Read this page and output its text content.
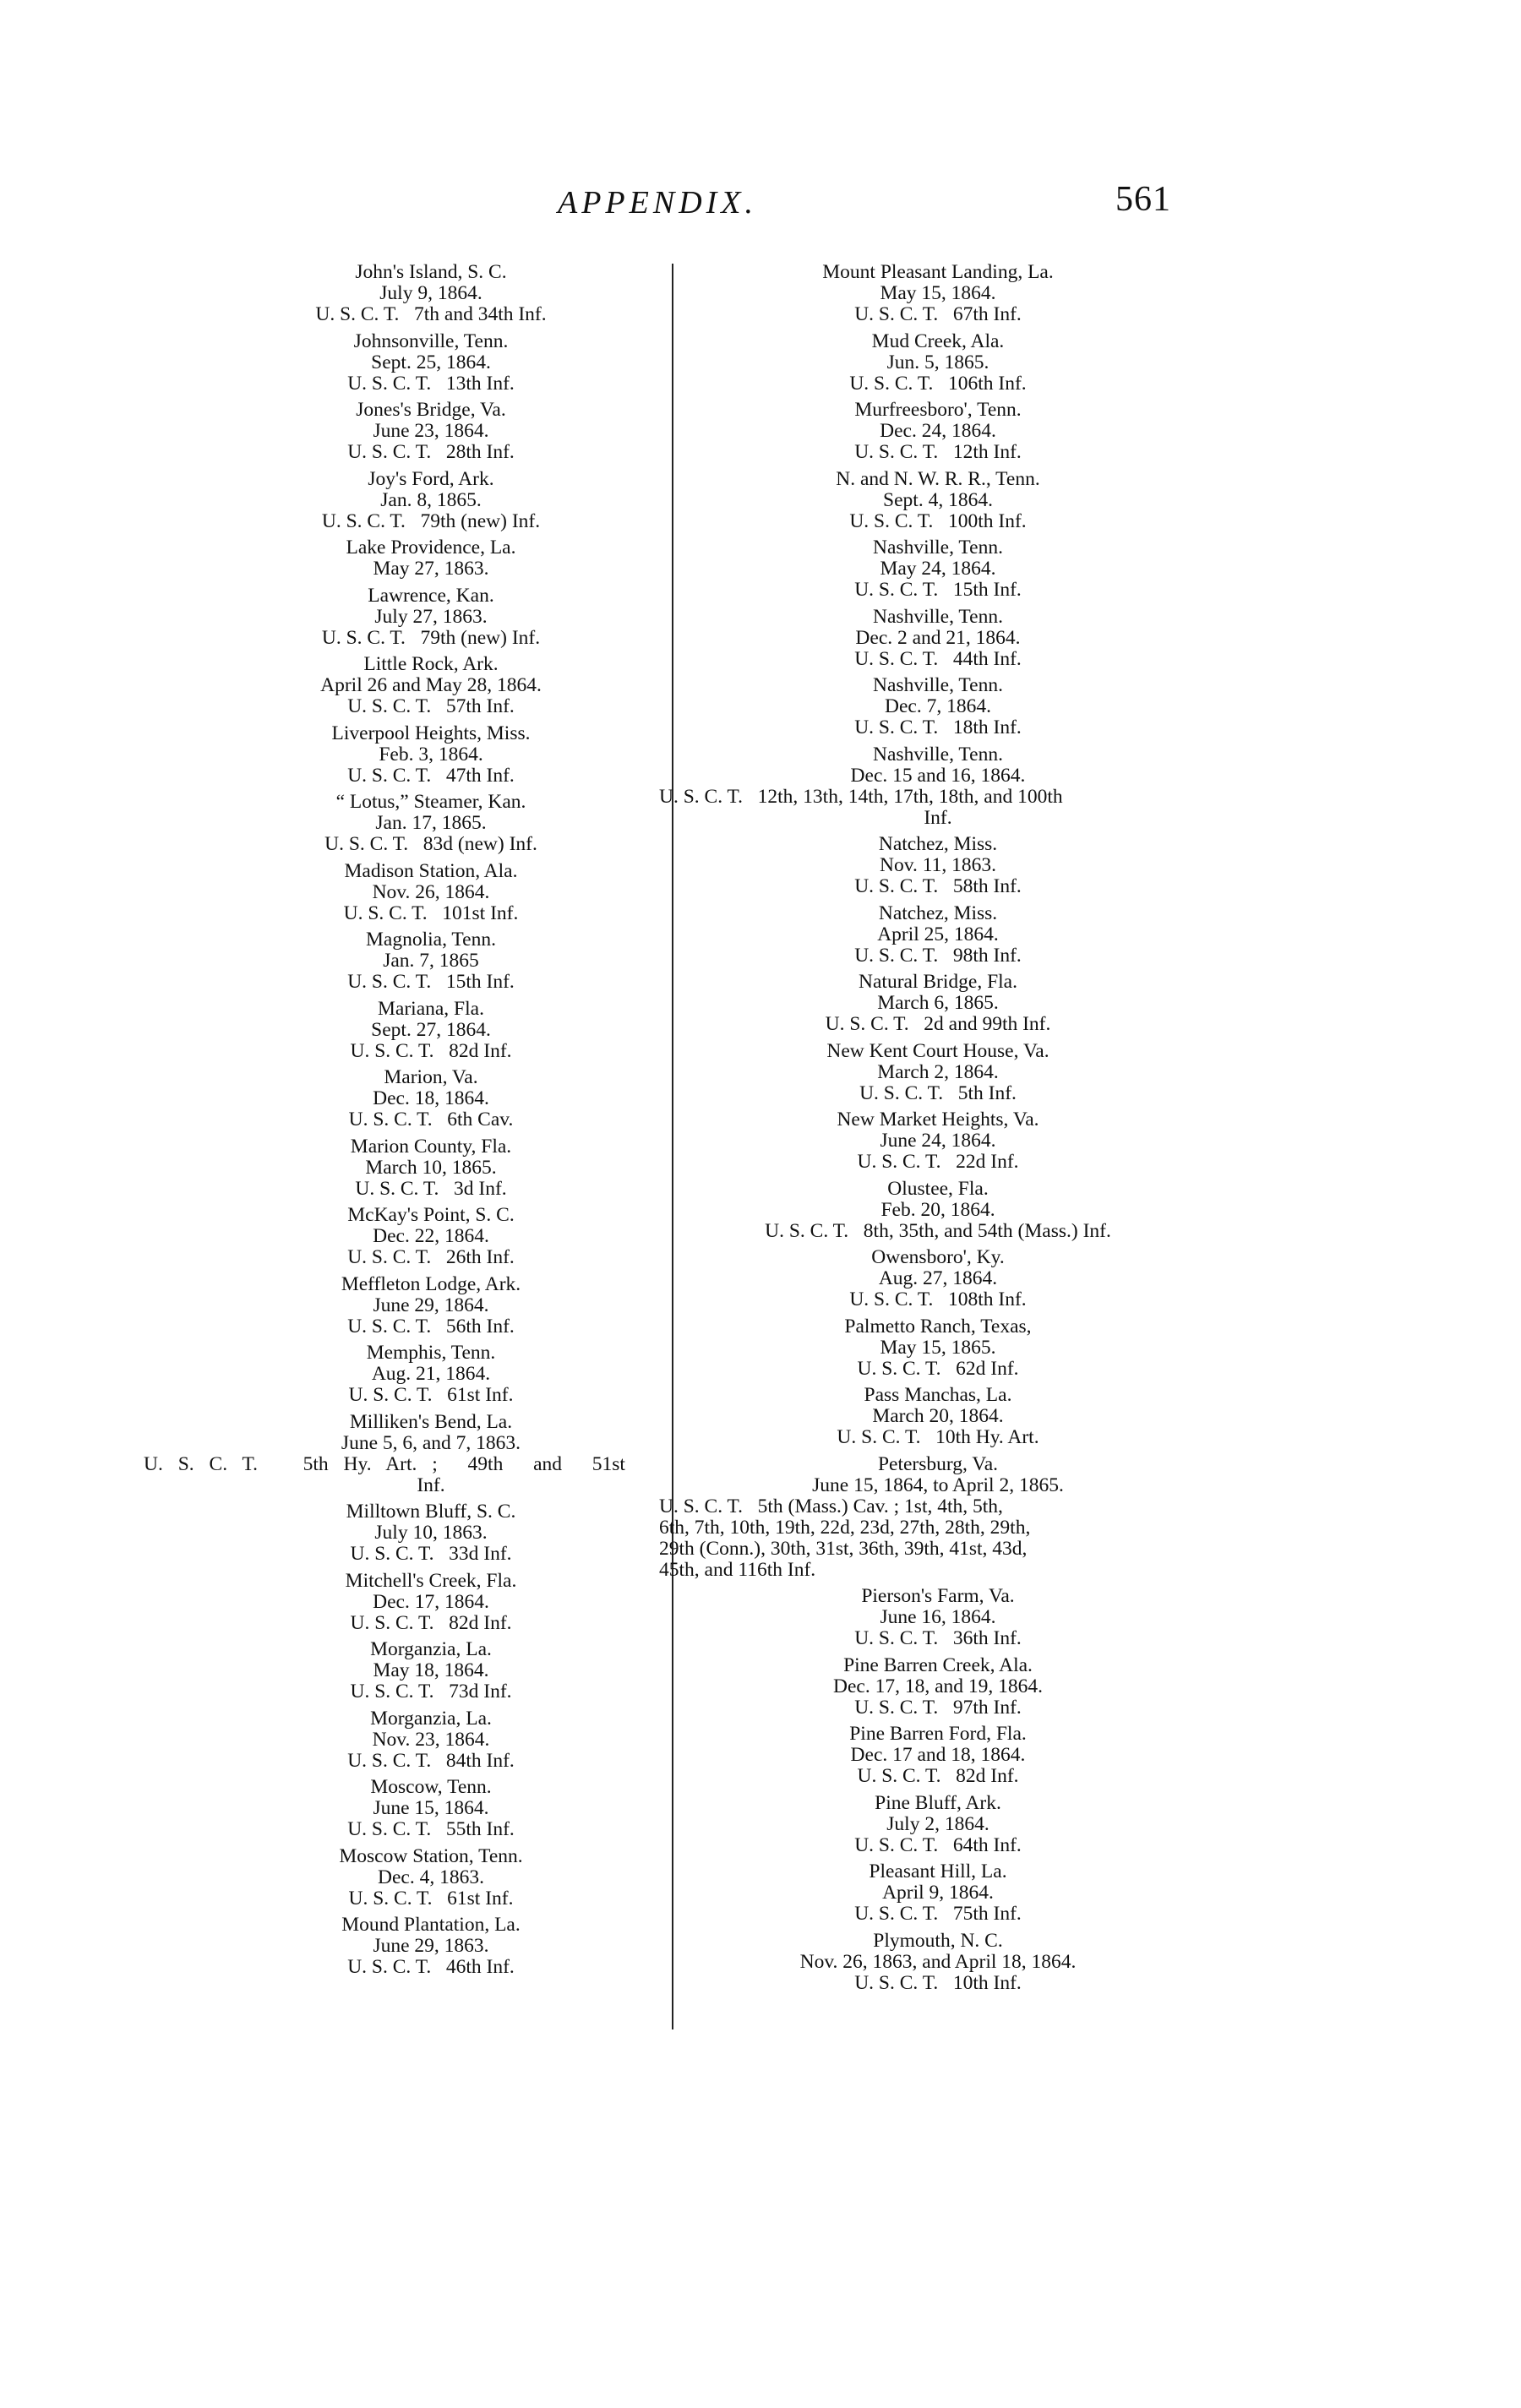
APPENDIX.	561
John's Island, S. C.
July 9, 1864.
U. S. C. T.   7th and 34th Inf.
Johnsonville, Tenn.
Sept. 25, 1864.
U. S. C. T.   13th Inf.
Jones's Bridge, Va.
June 23, 1864.
U. S. C. T.   28th Inf.
Joy's Ford, Ark.
Jan. 8, 1865.
U. S. C. T.   79th (new) Inf.
Lake Providence, La.
May 27, 1863.
Lawrence, Kan.
July 27, 1863.
U. S. C. T.   79th (new) Inf.
Little Rock, Ark.
April 26 and May 28, 1864.
U. S. C. T.   57th Inf.
Liverpool Heights, Miss.
Feb. 3, 1864.
U. S. C. T.   47th Inf.
“ Lotus,” Steamer, Kan.
Jan. 17, 1865.
U. S. C. T.   83d (new) Inf.
Madison Station, Ala.
Nov. 26, 1864.
U. S. C. T.   101st Inf.
Magnolia, Tenn.
Jan. 7, 1865
U. S. C. T.   15th Inf.
Mariana, Fla.
Sept. 27, 1864.
U. S. C. T.   82d Inf.
Marion, Va.
Dec. 18, 1864.
U. S. C. T.   6th Cav.
Marion County, Fla.
March 10, 1865.
U. S. C. T.   3d Inf.
McKay's Point, S. C.
Dec. 22, 1864.
U. S. C. T.   26th Inf.
Meffleton Lodge, Ark.
June 29, 1864.
U. S. C. T.   56th Inf.
Memphis, Tenn.
Aug. 21, 1864.
U. S. C. T.   61st Inf.
Milliken's Bend, La.
June 5, 6, and 7, 1863.
U. S. C. T.   5th Hy. Art. ;  49th  and  51st
Inf.
Milltown Bluff, S. C.
July 10, 1863.
U. S. C. T.   33d Inf.
Mitchell's Creek, Fla.
Dec. 17, 1864.
U. S. C. T.   82d Inf.
Morganzia, La.
May 18, 1864.
U. S. C. T.   73d Inf.
Morganzia, La.
Nov. 23, 1864.
U. S. C. T.   84th Inf.
Moscow, Tenn.
June 15, 1864.
U. S. C. T.   55th Inf.
Moscow Station, Tenn.
Dec. 4, 1863.
U. S. C. T.   61st Inf.
Mound Plantation, La.
June 29, 1863.
U. S. C. T.   46th Inf.
Mount Pleasant Landing, La.
May 15, 1864.
U. S. C. T.   67th Inf.
Mud Creek, Ala.
Jun. 5, 1865.
U. S. C. T.   106th Inf.
Murfreesboro', Tenn.
Dec. 24, 1864.
U. S. C. T.   12th Inf.
N. and N. W. R. R., Tenn.
Sept. 4, 1864.
U. S. C. T.   100th Inf.
Nashville, Tenn.
May 24, 1864.
U. S. C. T.   15th Inf.
Nashville, Tenn.
Dec. 2 and 21, 1864.
U. S. C. T.   44th Inf.
Nashville, Tenn.
Dec. 7, 1864.
U. S. C. T.   18th Inf.
Nashville, Tenn.
Dec. 15 and 16, 1864.
U. S. C. T.   12th, 13th, 14th, 17th, 18th, and 100th
Inf.
Natchez, Miss.
Nov. 11, 1863.
U. S. C. T.   58th Inf.
Natchez, Miss.
April 25, 1864.
U. S. C. T.   98th Inf.
Natural Bridge, Fla.
March 6, 1865.
U. S. C. T.   2d and 99th Inf.
New Kent Court House, Va.
March 2, 1864.
U. S. C. T.   5th Inf.
New Market Heights, Va.
June 24, 1864.
U. S. C. T.   22d Inf.
Olustee, Fla.
Feb. 20, 1864.
U. S. C. T.   8th, 35th, and 54th (Mass.) Inf.
Owensboro', Ky.
Aug. 27, 1864.
U. S. C. T.   108th Inf.
Palmetto Ranch, Texas,
May 15, 1865.
U. S. C. T.   62d Inf.
Pass Manchas, La.
March 20, 1864.
U. S. C. T.   10th Hy. Art.
Petersburg, Va.
June 15, 1864, to April 2, 1865.
U. S. C. T.   5th (Mass.) Cav. ; 1st, 4th, 5th,
6th, 7th, 10th, 19th, 22d, 23d, 27th, 28th, 29th,
29th (Conn.), 30th, 31st, 36th, 39th, 41st, 43d,
45th, and 116th Inf.
Pierson's Farm, Va.
June 16, 1864.
U. S. C. T.   36th Inf.
Pine Barren Creek, Ala.
Dec. 17, 18, and 19, 1864.
U. S. C. T.   97th Inf.
Pine Barren Ford, Fla.
Dec. 17 and 18, 1864.
U. S. C. T.   82d Inf.
Pine Bluff, Ark.
July 2, 1864.
U. S. C. T.   64th Inf.
Pleasant Hill, La.
April 9, 1864.
U. S. C. T.   75th Inf.
Plymouth, N. C.
Nov. 26, 1863, and April 18, 1864.
U. S. C. T.   10th Inf.
